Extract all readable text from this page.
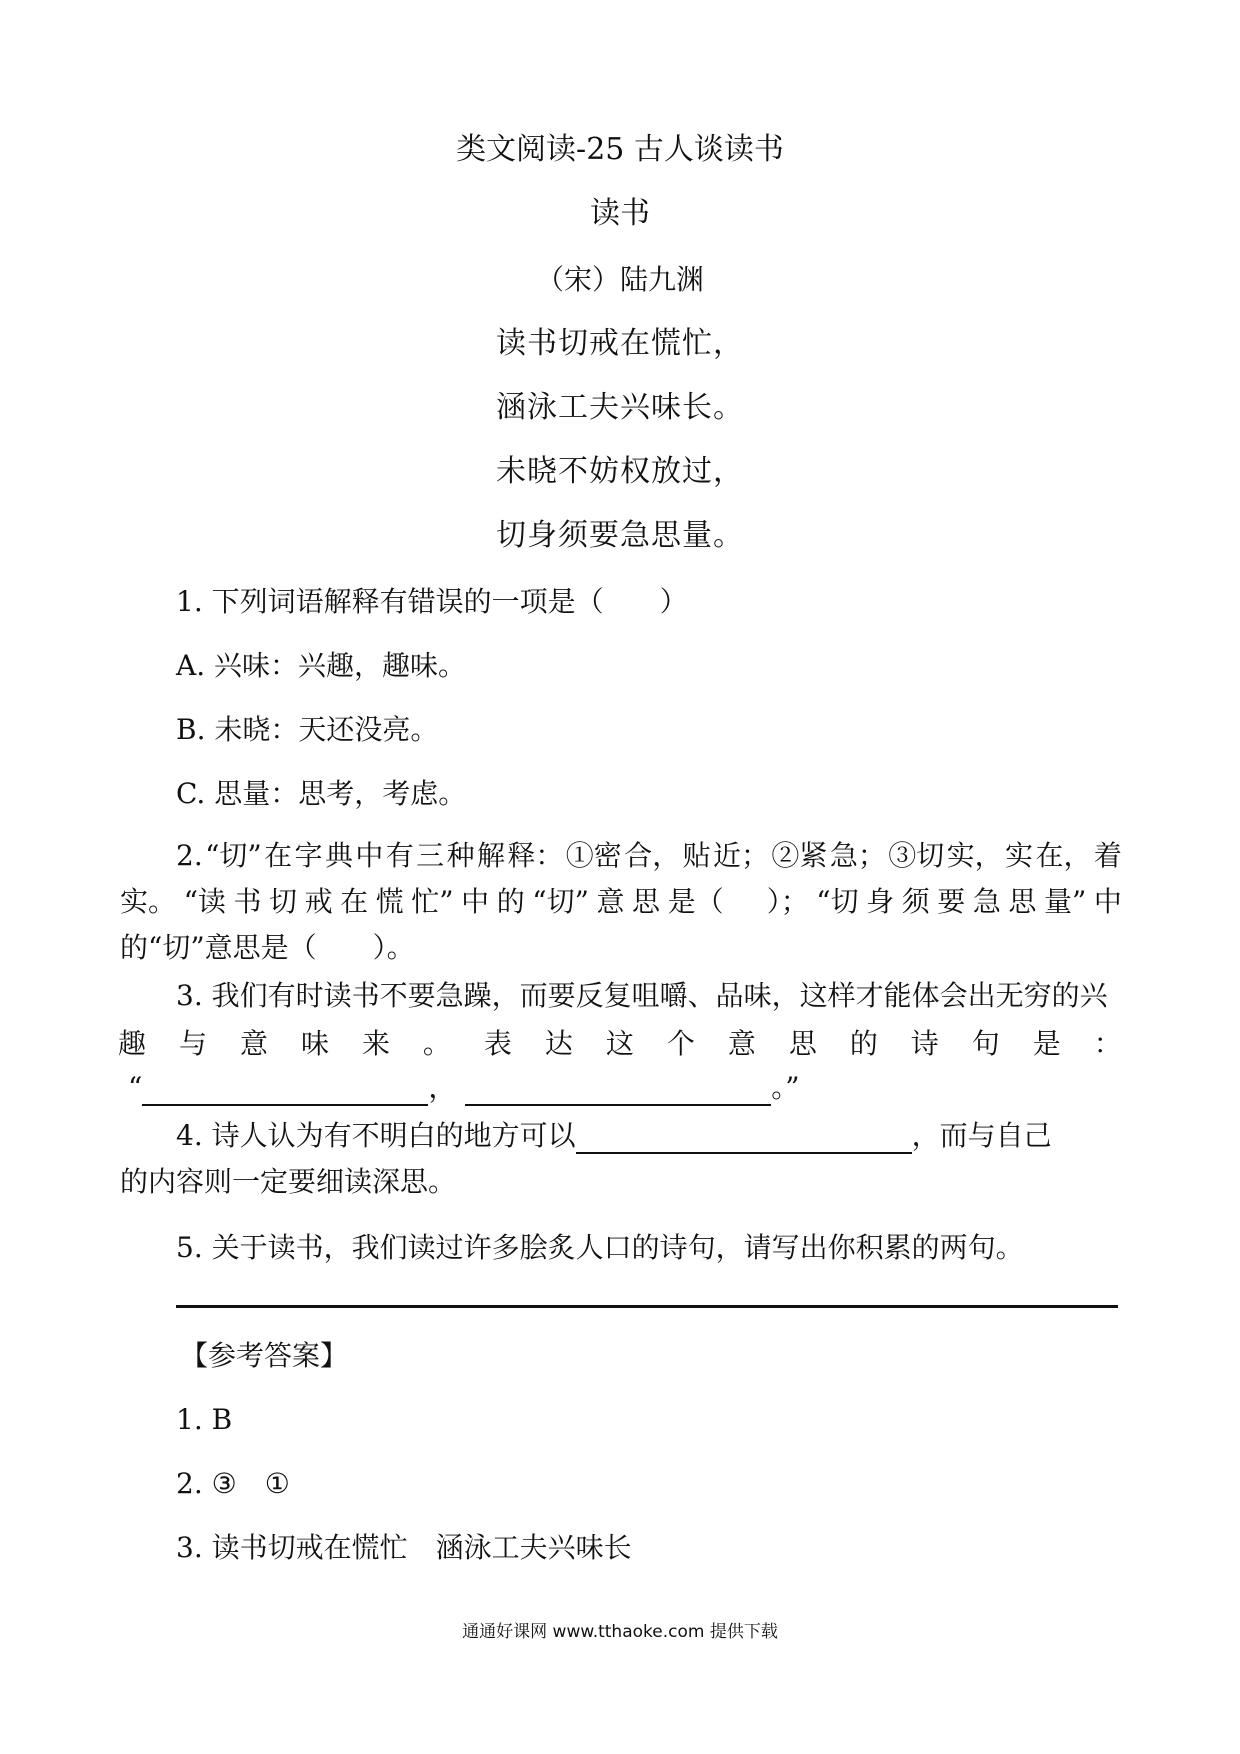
类文阅读-25 古人谈读书
读书
（宋）陆九渊
读书切戒在慌忙，
涵泳工夫兴味长。
未晓不妨权放过，
切身须要急思量。
1. 下列词语解释有错误的一项是（　　）
A. 兴味：兴趣，趣味。
B. 未晓：天还没亮。
C. 思量：思考，考虑。
2. “切” 在 字 典 中 有 三 种 解 释： ①密 合， 贴 近； ②紧 急； ③切 实， 实 在， 着
实。 “读 书 切 戒 在 慌 忙” 中 的 “切” 意 思 是（
　 ）； “切 身 须 要 急 思 量” 中
的“切”意思是（　　）。
3. 我们有时读书不要急躁，而要反复咀嚼、品味，这样才能体会出无穷的兴
趣 与 意 味 来 。 表 达 这 个 意 思 的 诗 句 是 ：
“	，	。”
4. 诗人认为有不明白的地方可以	，而与自己
的内容则一定要细读深思。
5. 关于读书，我们读过许多脍炙人口的诗句，请写出你积累的两句。
【参考答案】
1. B
2. ③　①
3. 读书切戒在慌忙　涵泳工夫兴味长
通通好课网 www.tthaoke.com 提供下载
